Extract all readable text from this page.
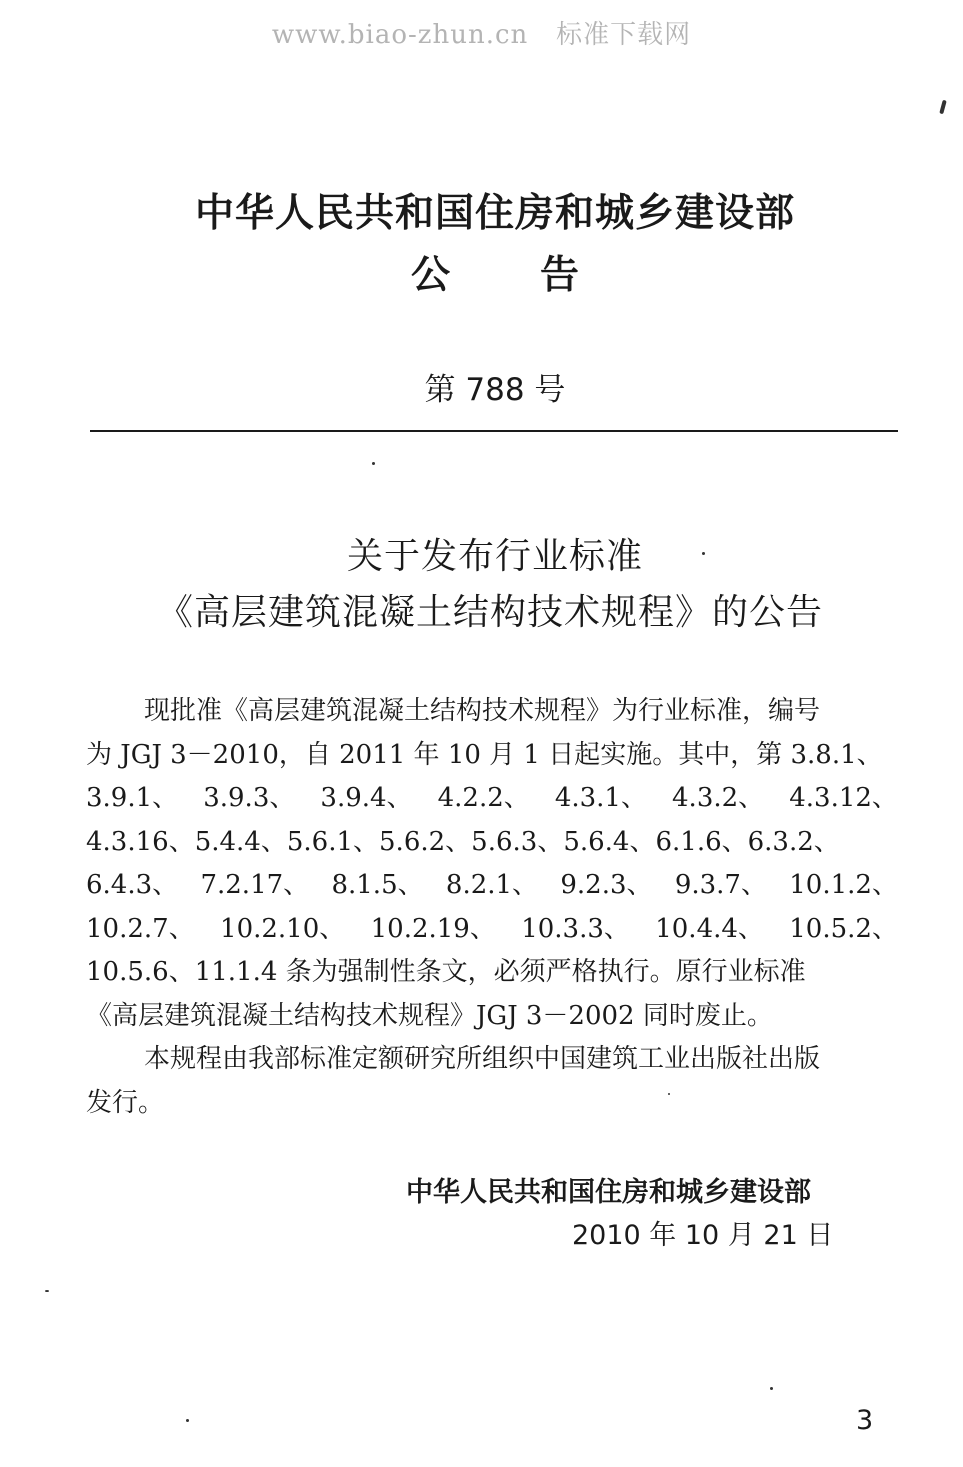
www.biao-zhun.cn   标准下载网
中华人民共和国住房和城乡建设部
公告
第 788 号
关于发布行业标准
《高层建筑混凝土结构技术规程》的公告

现批准《高层建筑混凝土结构技术规程》为行业标准，编号

为 JGJ 3－2010，自 2011 年 10 月 1 日起实施。其中，第 3.8.1、

3.9.1、 3.9.3、 3.9.4、 4.2.2、 4.3.1、 4.3.2、 4.3.12、

4.3.16、5.4.4、5.6.1、5.6.2、5.6.3、5.6.4、6.1.6、6.3.2、

6.4.3、 7.2.17、 8.1.5、 8.2.1、 9.2.3、 9.3.7、 10.1.2、

10.2.7、 10.2.10、 10.2.19、 10.3.3、 10.4.4、 10.5.2、

10.5.6、11.1.4 条为强制性条文，必须严格执行。原行业标准

《高层建筑混凝土结构技术规程》JGJ 3－2002 同时废止。

本规程由我部标准定额研究所组织中国建筑工业出版社出版

发行。

中华人民共和国住房和城乡建设部
2010 年 10 月 21 日
3
